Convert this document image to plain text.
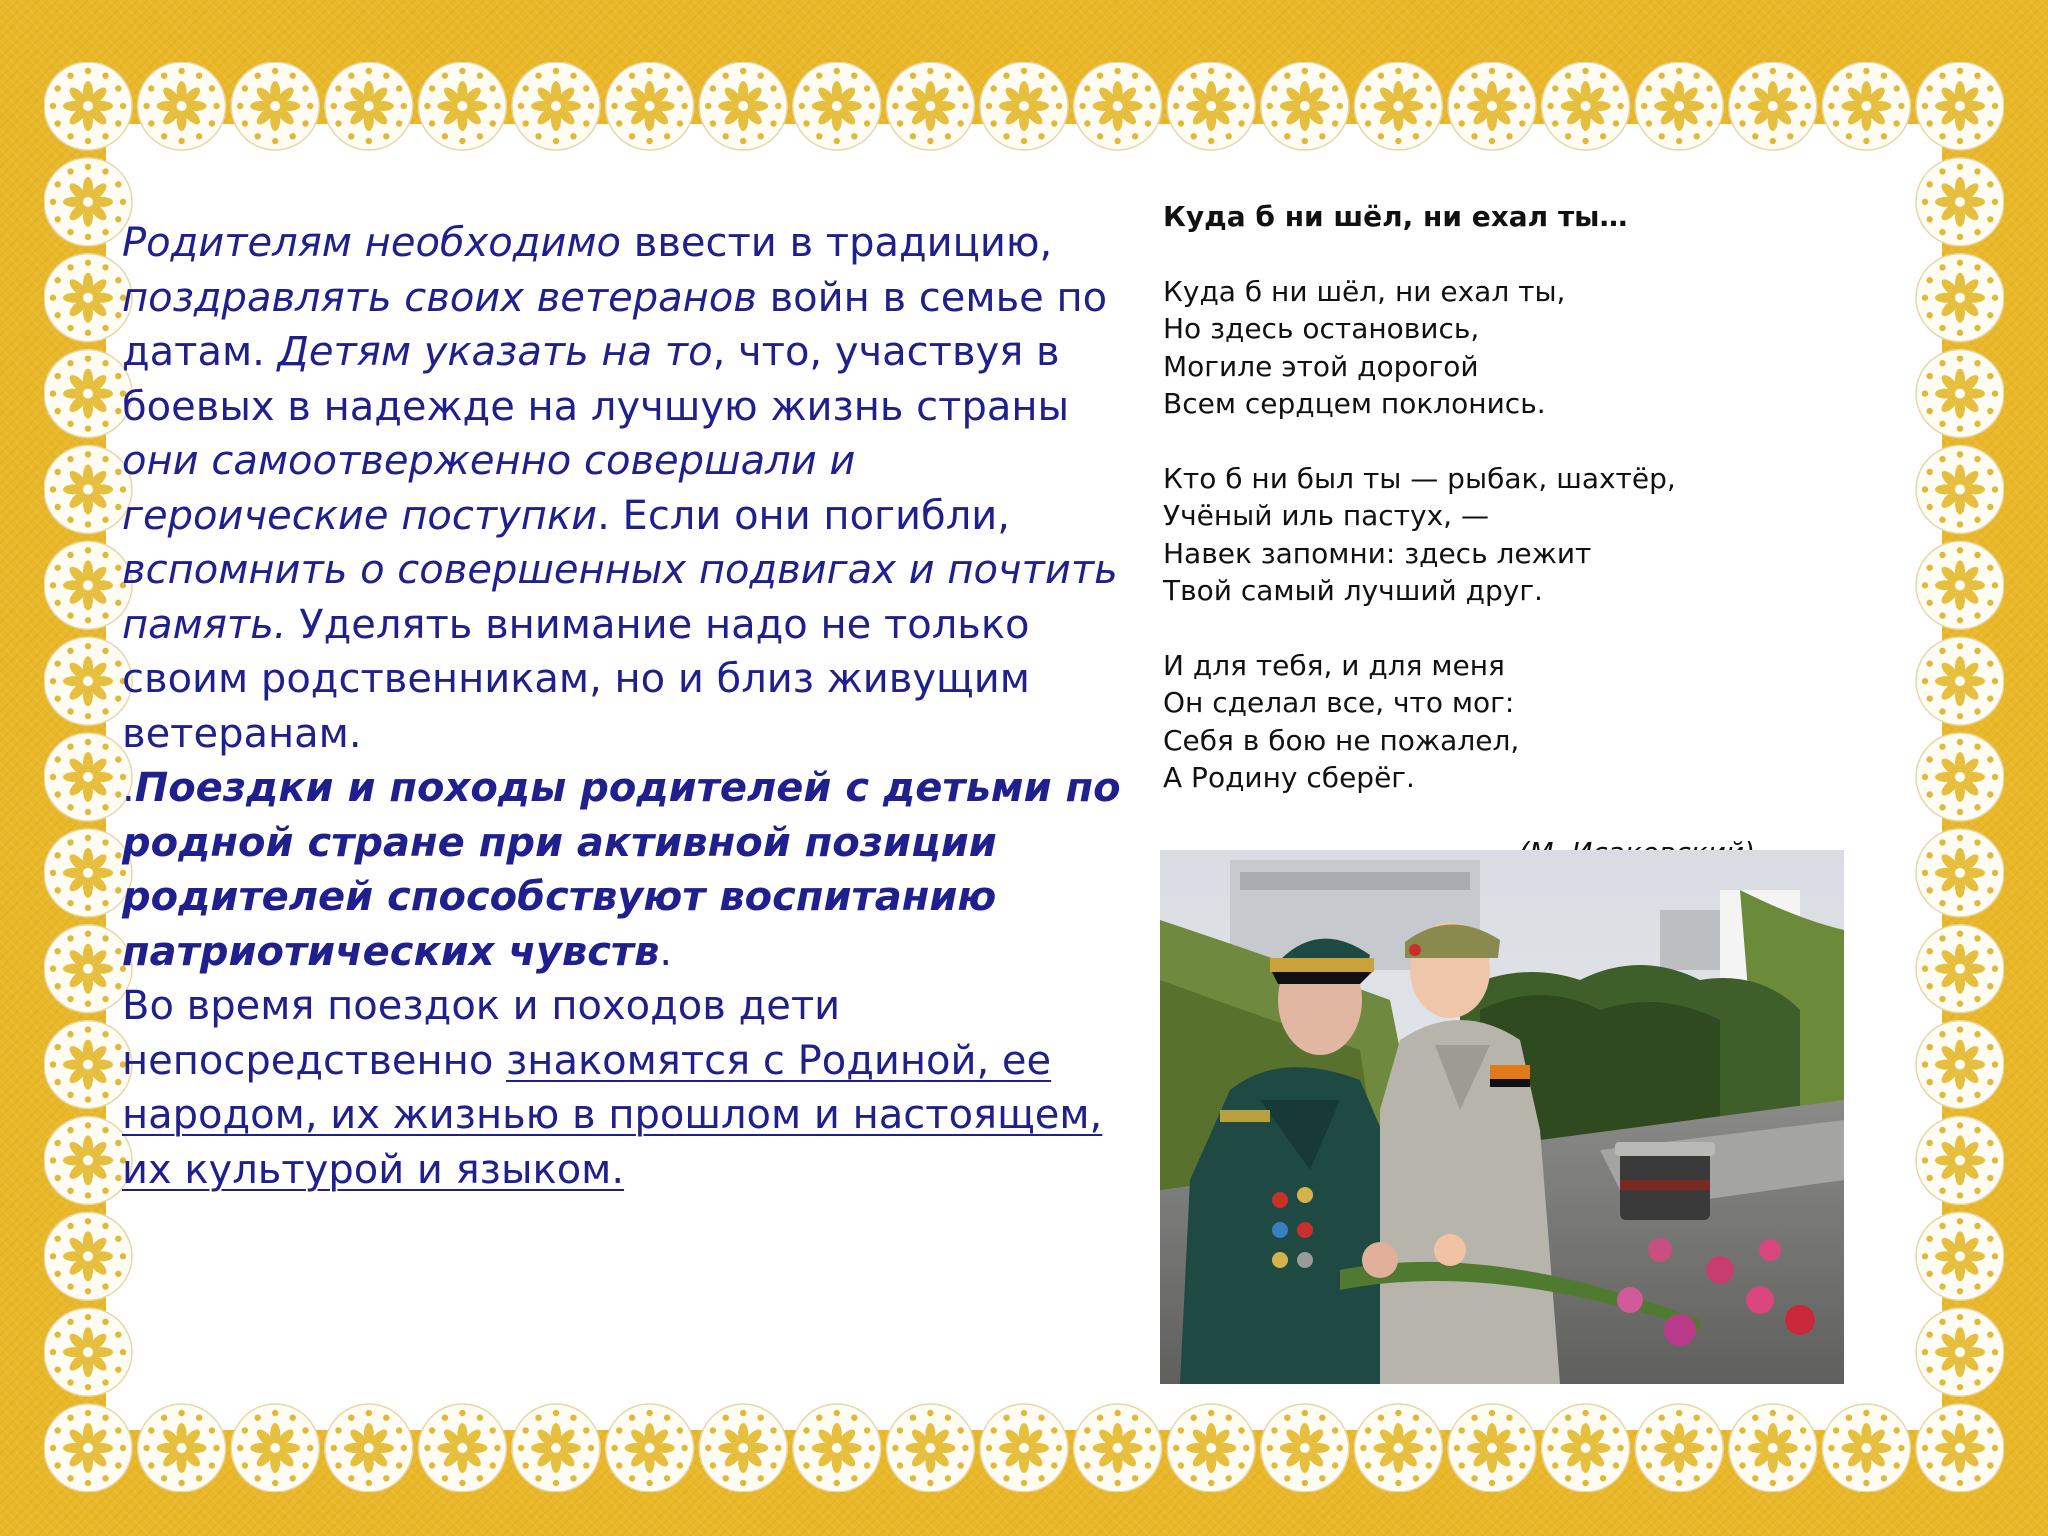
Родителям необходимо ввести в традицию, поздравлять своих ветеранов войн в семье по датам. Детям указать на то, что, участвуя в боевых в надежде на лучшую жизнь страны они самоотверженно совершали и героические поступки. Если они погибли, вспомнить о совершенных подвигах и почтить память. Уделять внимание надо не только своим родственникам, но и близ живущим ветеранам.

.Поездки и походы родителей с детьми по родной стране при активной позиции родителей способствуют воспитанию патриотических чувств.

Во время поездок и походов дети непосредственно знакомятся с Родиной, ее народом, их жизнью в прошлом и настоящем, их культурой и языком.

Куда б ни шёл, ни ехал ты…
Куда б ни шёл, ни ехал ты,
Но здесь остановись,
Могиле этой дорогой
Всем сердцем поклонись.
Кто б ни был ты — рыбак, шахтёр,
Учёный иль пастух, —
Навек запомни: здесь лежит
Твой самый лучший друг.
И для тебя, и для меня
Он сделал все, что мог:
Себя в бою не пожалел,
А Родину сберёг.
